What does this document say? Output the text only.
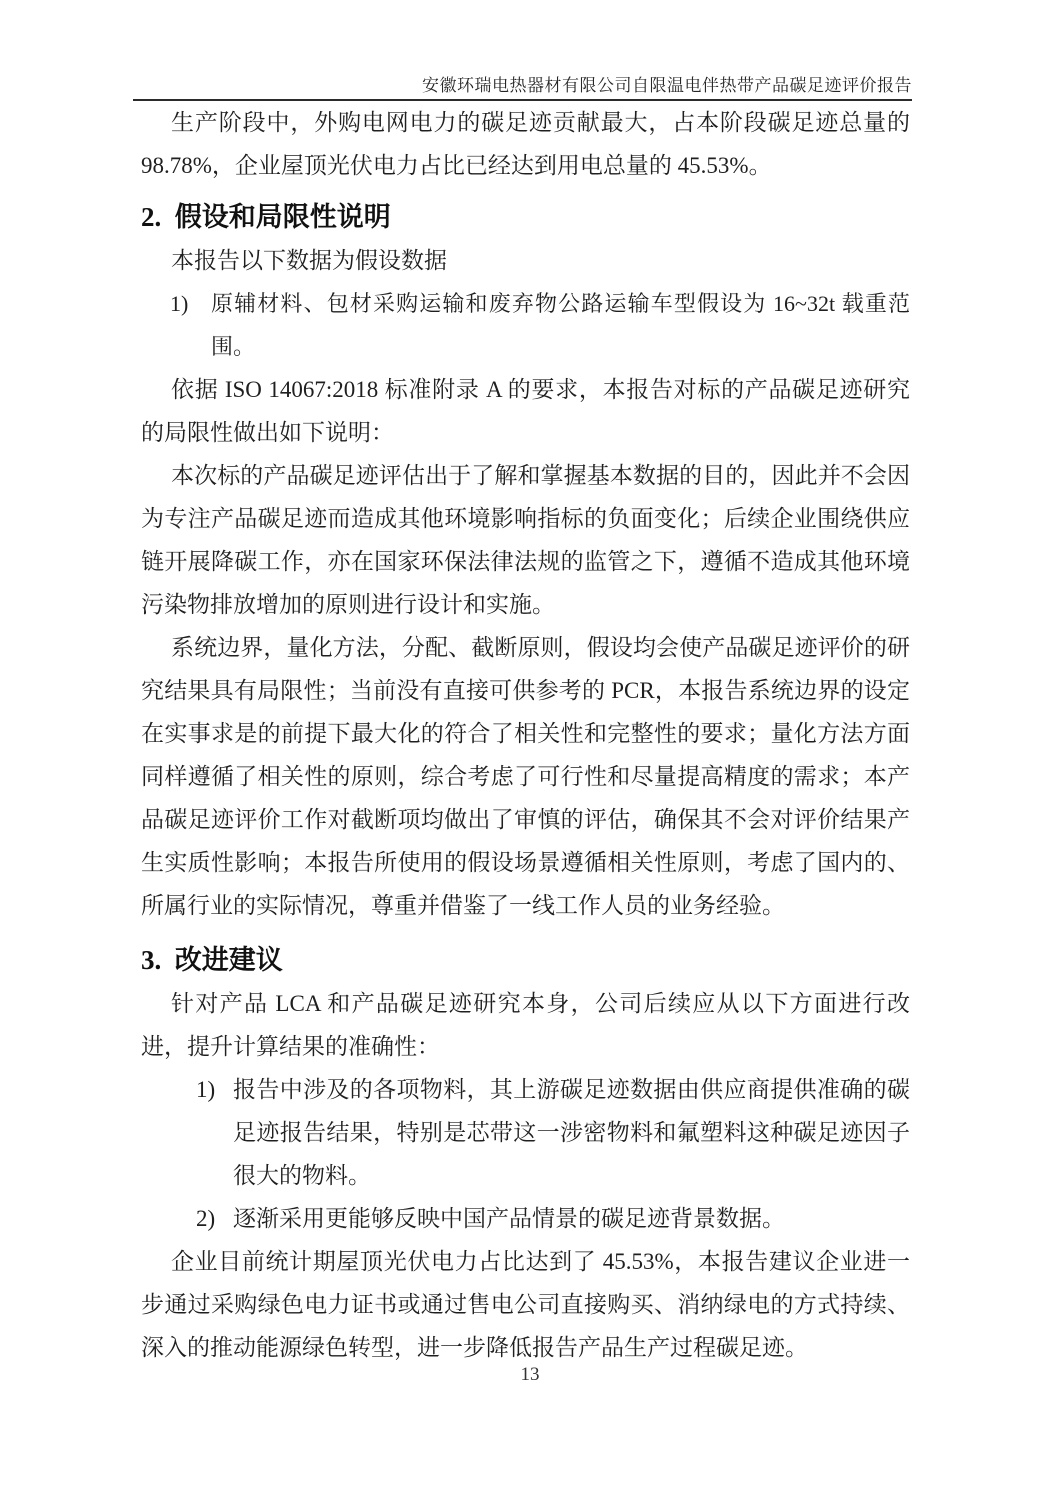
安徽环瑞电热器材有限公司自限温电伴热带产品碳足迹评价报告

生产阶段中，外购电网电力的碳足迹贡献最大，占本阶段碳足迹总量的98.78%，企业屋顶光伏电力占比已经达到用电总量的 45.53%。

2.  假设和局限性说明

本报告以下数据为假设数据

1) 原辅材料、包材采购运输和废弃物公路运输车型假设为 16~32t 载重范围。

依据 ISO 14067:2018 标准附录 A 的要求，本报告对标的产品碳足迹研究的局限性做出如下说明：

本次标的产品碳足迹评估出于了解和掌握基本数据的目的，因此并不会因为专注产品碳足迹而造成其他环境影响指标的负面变化；后续企业围绕供应链开展降碳工作，亦在国家环保法律法规的监管之下，遵循不造成其他环境污染物排放增加的原则进行设计和实施。

系统边界，量化方法，分配、截断原则，假设均会使产品碳足迹评价的研究结果具有局限性；当前没有直接可供参考的 PCR，本报告系统边界的设定在实事求是的前提下最大化的符合了相关性和完整性的要求；量化方法方面同样遵循了相关性的原则，综合考虑了可行性和尽量提高精度的需求；本产品碳足迹评价工作对截断项均做出了审慎的评估，确保其不会对评价结果产生实质性影响；本报告所使用的假设场景遵循相关性原则，考虑了国内的、所属行业的实际情况，尊重并借鉴了一线工作人员的业务经验。

3.  改进建议

针对产品 LCA 和产品碳足迹研究本身，公司后续应从以下方面进行改进，提升计算结果的准确性：

1) 报告中涉及的各项物料，其上游碳足迹数据由供应商提供准确的碳足迹报告结果，特别是芯带这一涉密物料和氟塑料这种碳足迹因子很大的物料。
2) 逐渐采用更能够反映中国产品情景的碳足迹背景数据。

企业目前统计期屋顶光伏电力占比达到了 45.53%，本报告建议企业进一步通过采购绿色电力证书或通过售电公司直接购买、消纳绿电的方式持续、深入的推动能源绿色转型，进一步降低报告产品生产过程碳足迹。

13
